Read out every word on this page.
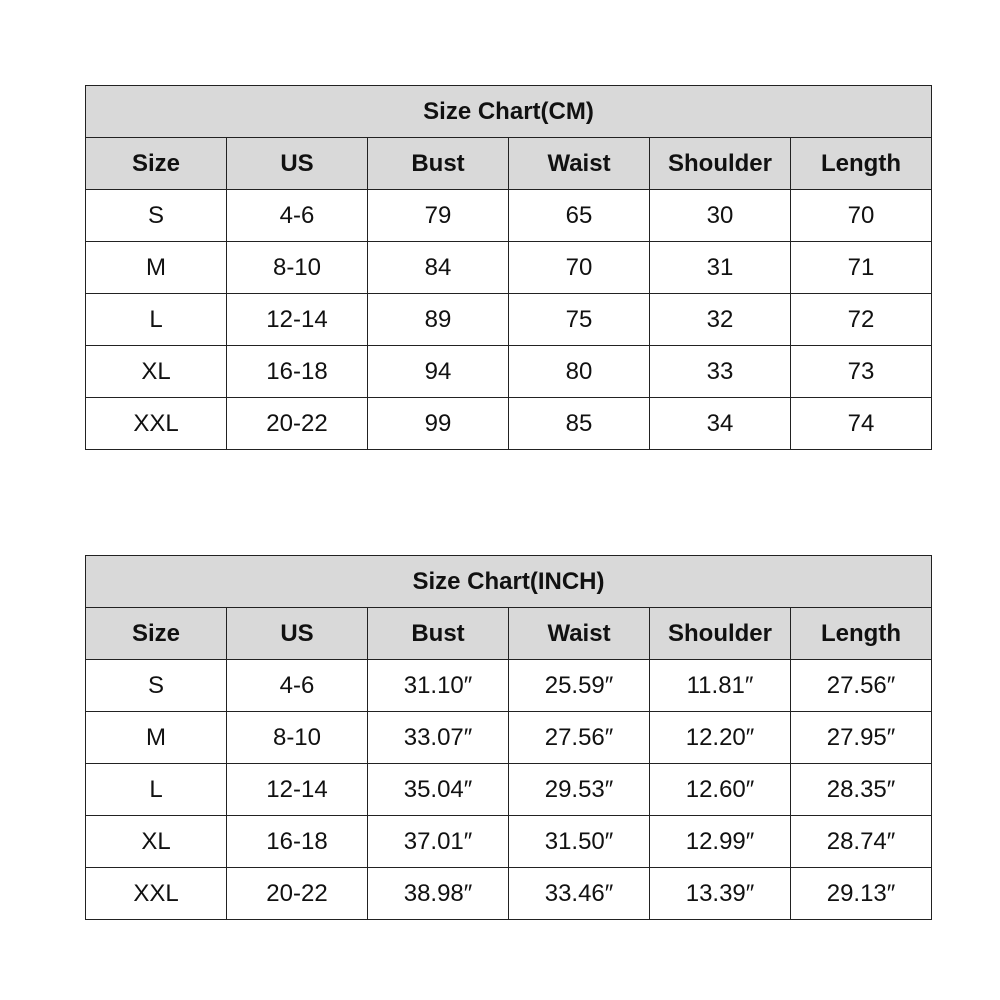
Size Chart(CM)					
Size	US	Bust	Waist	Shoulder	Length
S	4-6	79	65	30	70
M	8-10	84	70	31	71
L	12-14	89	75	32	72
XL	16-18	94	80	33	73
XXL	20-22	99	85	34	74
Size Chart(INCH)					
Size	US	Bust	Waist	Shoulder	Length
S	4-6	31.10″	25.59″	11.81″	27.56″
M	8-10	33.07″	27.56″	12.20″	27.95″
L	12-14	35.04″	29.53″	12.60″	28.35″
XL	16-18	37.01″	31.50″	12.99″	28.74″
XXL	20-22	38.98″	33.46″	13.39″	29.13″
